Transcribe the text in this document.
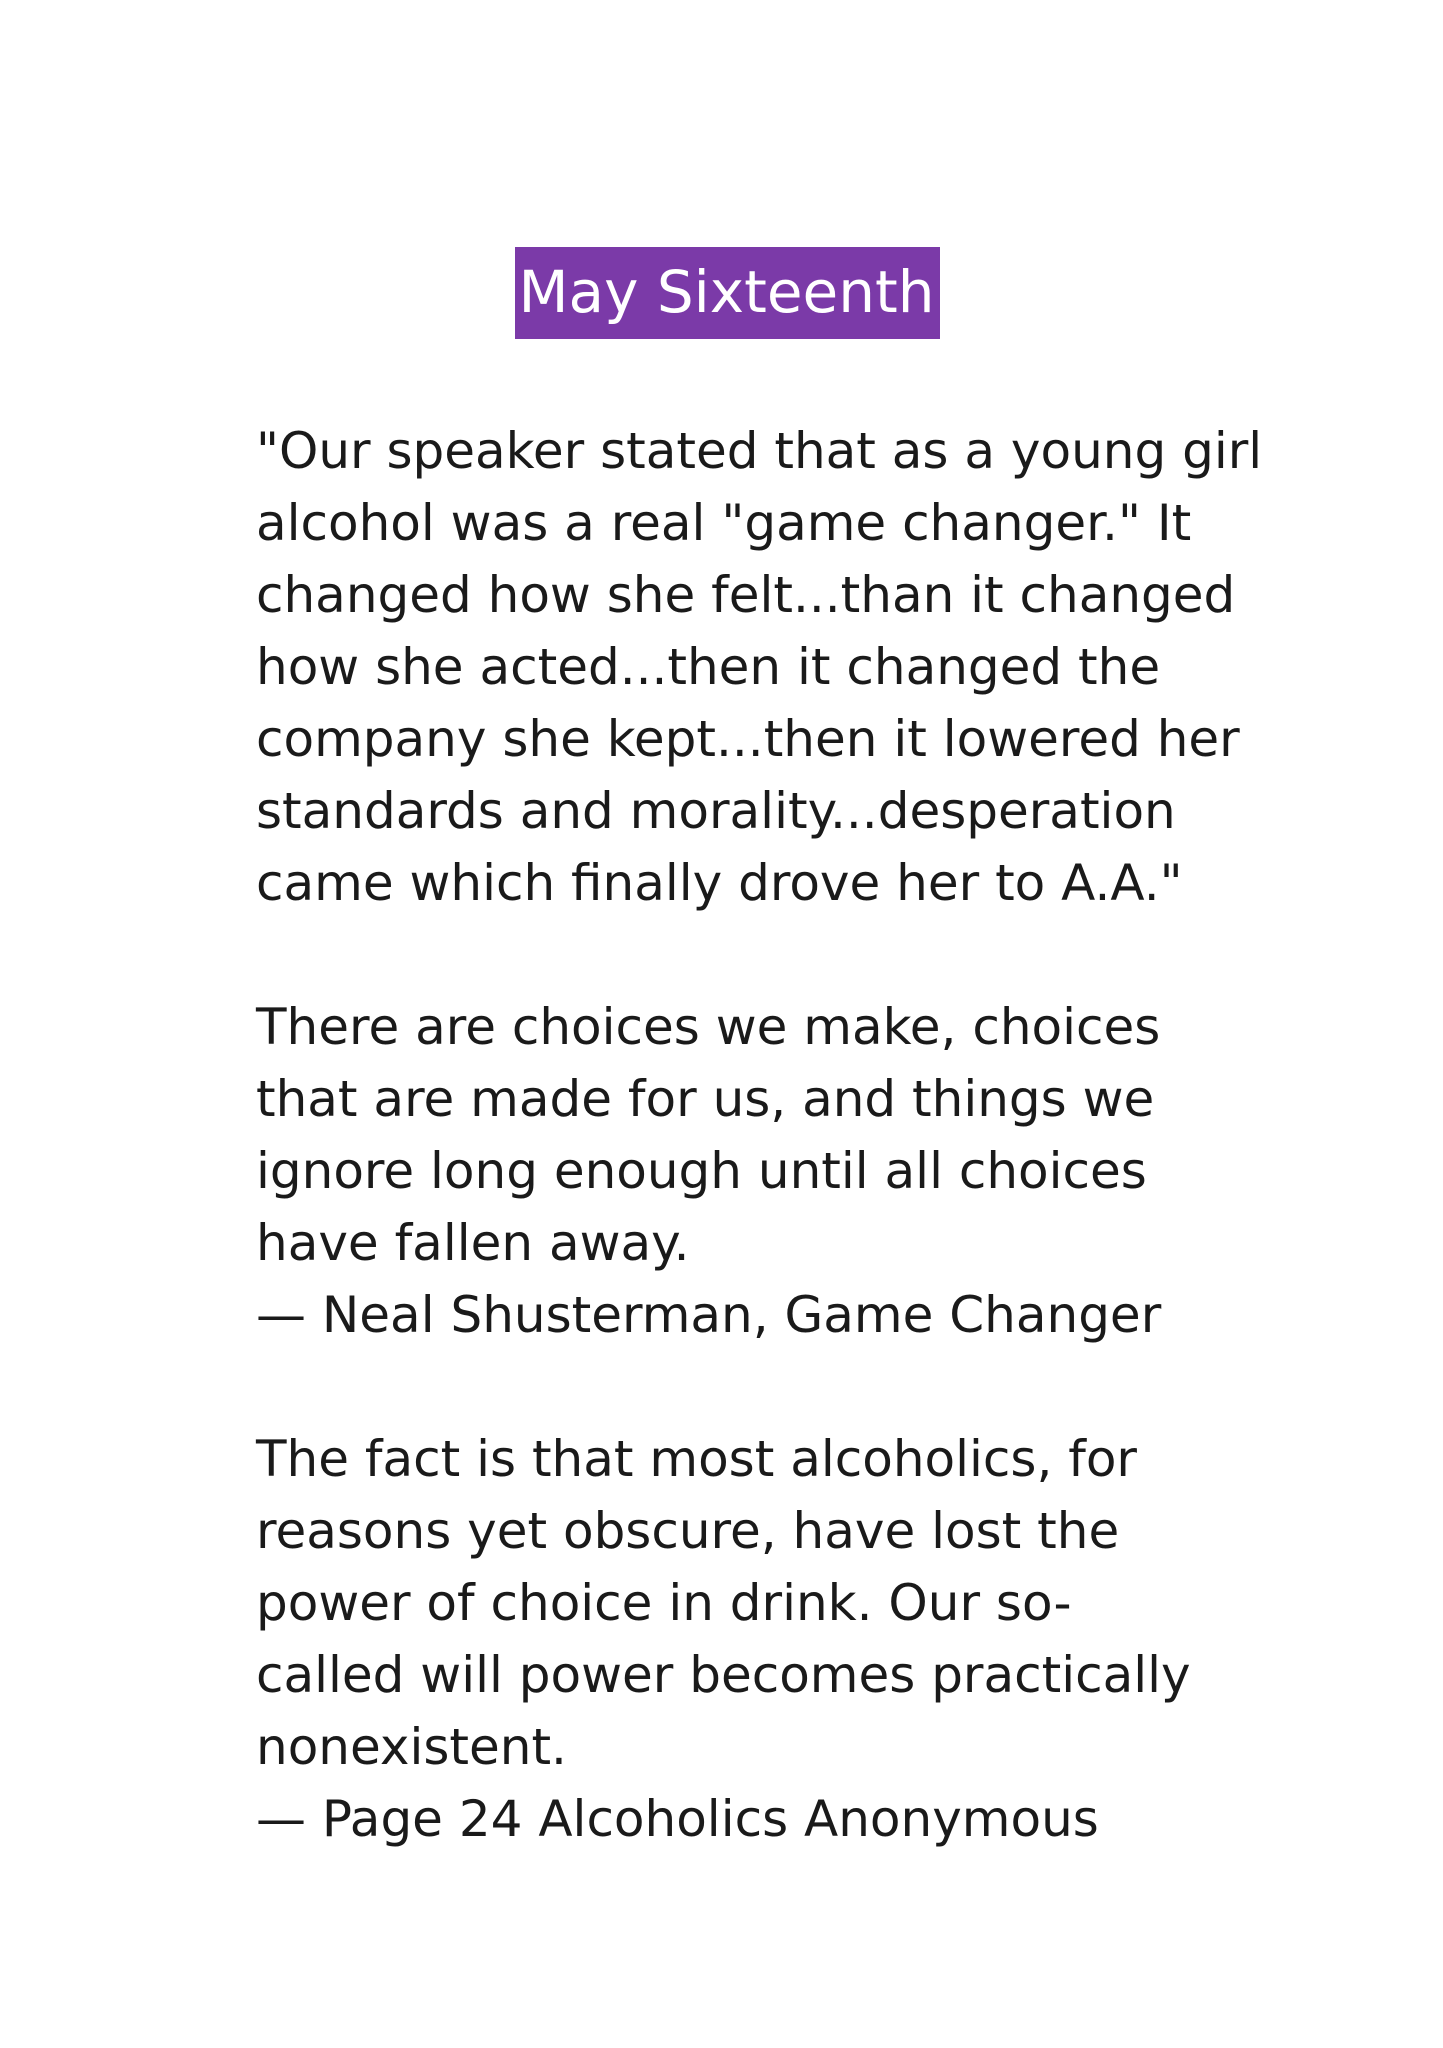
May Sixteenth
"Our speaker stated that as a young girl
alcohol was a real "game changer." It
changed how she felt...than it changed
how she acted...then it changed the
company she kept...then it lowered her
standards and morality...desperation
came which finally drove her to A.A."
There are choices we make, choices
that are made for us, and things we
ignore long enough until all choices
have fallen away.
— Neal Shusterman, Game Changer
The fact is that most alcoholics, for
reasons yet obscure, have lost the
power of choice in drink. Our so-
called will power becomes practically
nonexistent.
— Page 24 Alcoholics Anonymous
